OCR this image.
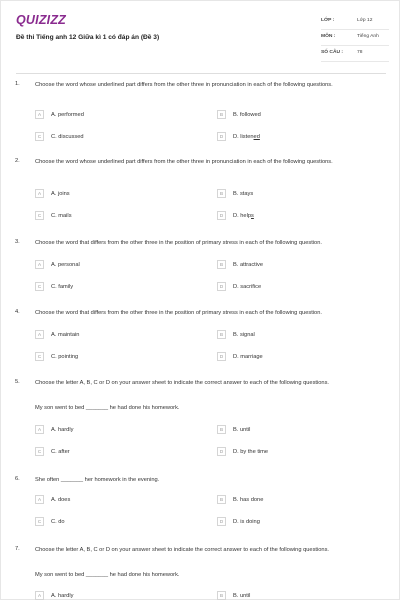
QUIZIZZ
Đề thi Tiếng anh 12 Giữa kì 1 có đáp án (Đề 3)
LỚP :	Lớp 12
MÔN :	Tiếng Anh
SỐ CÂU :	78
1.	Choose the word whose underlined part differs from the other three in pronunciation in each of the following questions.
A	A. performed	B	B. followed
C	C. discussed	D	D. listened
2.	Choose the word whose underlined part differs from the other three in pronunciation in each of the following questions.
A	A. joins	B	B. stays
C	C. mails	D	D. helps
3.	Choose the word that differs from the other three in the position of primary stress in each of the following question.
A	A. personal	B	B. attractive
C	C. family	D	D. sacrifice
4.	Choose the word that differs from the other three in the position of primary stress in each of the following question.
A	A. maintain	B	B. signal
C	C. pointing	D	D. marriage
5.	Choose the letter A, B, C or D on your answer sheet to indicate the correct answer to each of the following questions.
My son went to bed _______ he had done his homework.
A	A. hardly	B	B. until
C	C. after	D	D. by the time
6.	She often _______ her homework in the evening.
A	A. does	B	B. has done
C	C. do	D	D. is doing
7.	Choose the letter A, B, C or D on your answer sheet to indicate the correct answer to each of the following questions.
My son went to bed _______ he had done his homework.
A	A. hardly	B	B. until
